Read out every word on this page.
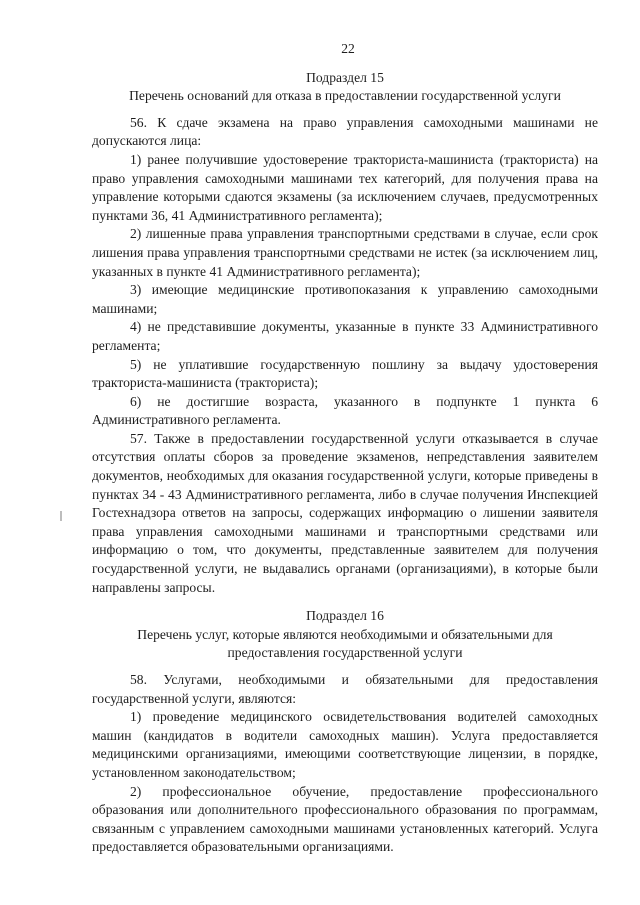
22
Подраздел 15
Перечень оснований для отказа в предоставлении государственной услуги

56. К сдаче экзамена на право управления самоходными машинами не допускаются лица:

1) ранее получившие удостоверение тракториста-машиниста (тракториста) на право управления самоходными машинами тех категорий, для получения права на управление которыми сдаются экзамены (за исключением случаев, предусмотренных пунктами 36, 41 Административного регламента);

2) лишенные права управления транспортными средствами в случае, если срок лишения права управления транспортными средствами не истек (за исключением лиц, указанных в пункте 41 Административного регламента);

3) имеющие медицинские противопоказания к управлению самоходными машинами;

4) не представившие документы, указанные в пункте 33 Административного регламента;

5) не уплатившие государственную пошлину за выдачу удостоверения тракториста-машиниста (тракториста);

6) не достигшие возраста, указанного в подпункте 1 пункта 6 Административного регламента.

57. Также в предоставлении государственной услуги отказывается в случае отсутствия оплаты сборов за проведение экзаменов, непредставления заявителем документов, необходимых для оказания государственной услуги, которые приведены в пунктах 34 - 43 Административного регламента, либо в случае получения Инспекцией Гостехнадзора ответов на запросы, содержащих информацию о лишении заявителя права управления самоходными машинами и транспортными средствами или информацию о том, что документы, представленные заявителем для получения государственной услуги, не выдавались органами (организациями), в которые были направлены запросы.

Подраздел 16
Перечень услуг, которые являются необходимыми и обязательными для
предоставления государственной услуги

58. Услугами, необходимыми и обязательными для предоставления государственной услуги, являются:

1) проведение медицинского освидетельствования водителей самоходных машин (кандидатов в водители самоходных машин). Услуга предоставляется медицинскими организациями, имеющими соответствующие лицензии, в порядке, установленном законодательством;

2) профессиональное обучение, предоставление профессионального образования или дополнительного профессионального образования по программам, связанным с управлением самоходными машинами установленных категорий. Услуга предоставляется образовательными организациями.
